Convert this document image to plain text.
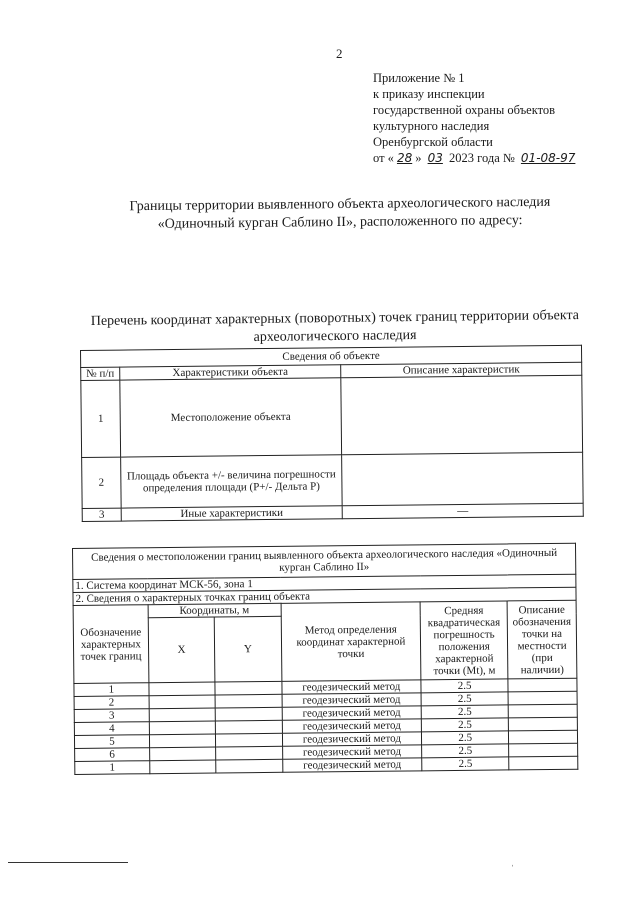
2
Приложение № 1
к приказу инспекции
государственной охраны объектов
культурного наследия
Оренбургской области
от « 28 » 03 2023 года № 01-08-97
Границы территории выявленного объекта археологического наследия «Одиночный курган Саблино II», расположенного по адресу:
Перечень координат характерных (поворотных) точек границ территории объекта археологического наследия
Сведения об объекте		
№ п/п	Характеристики объекта	Описание характеристик
1	Местоположение объекта	
2	Площадь объекта +/- величина погрешности определения площади (P+/- Дельта P)	
3	Иные характеристики	—
Сведения о местоположении границ выявленного объекта археологического наследия «Одиночный курган Саблино II»					
1. Система координат МСК-56, зона 1					
2. Сведения о характерных точках границ объекта					
Обозначение характерных точек границ	Координаты, м		Метод определения координат характерной точки	Средняя квадратическая погрешность положения характерной точки (Mt), м	Описание обозначения точки на местности (при наличии)
	X	Y			
1			геодезический метод	2.5	
2			геодезический метод	2.5	
3			геодезический метод	2.5	
4			геодезический метод	2.5	
5			геодезический метод	2.5	
6			геодезический метод	2.5	
1			геодезический метод	2.5	
ˌ
